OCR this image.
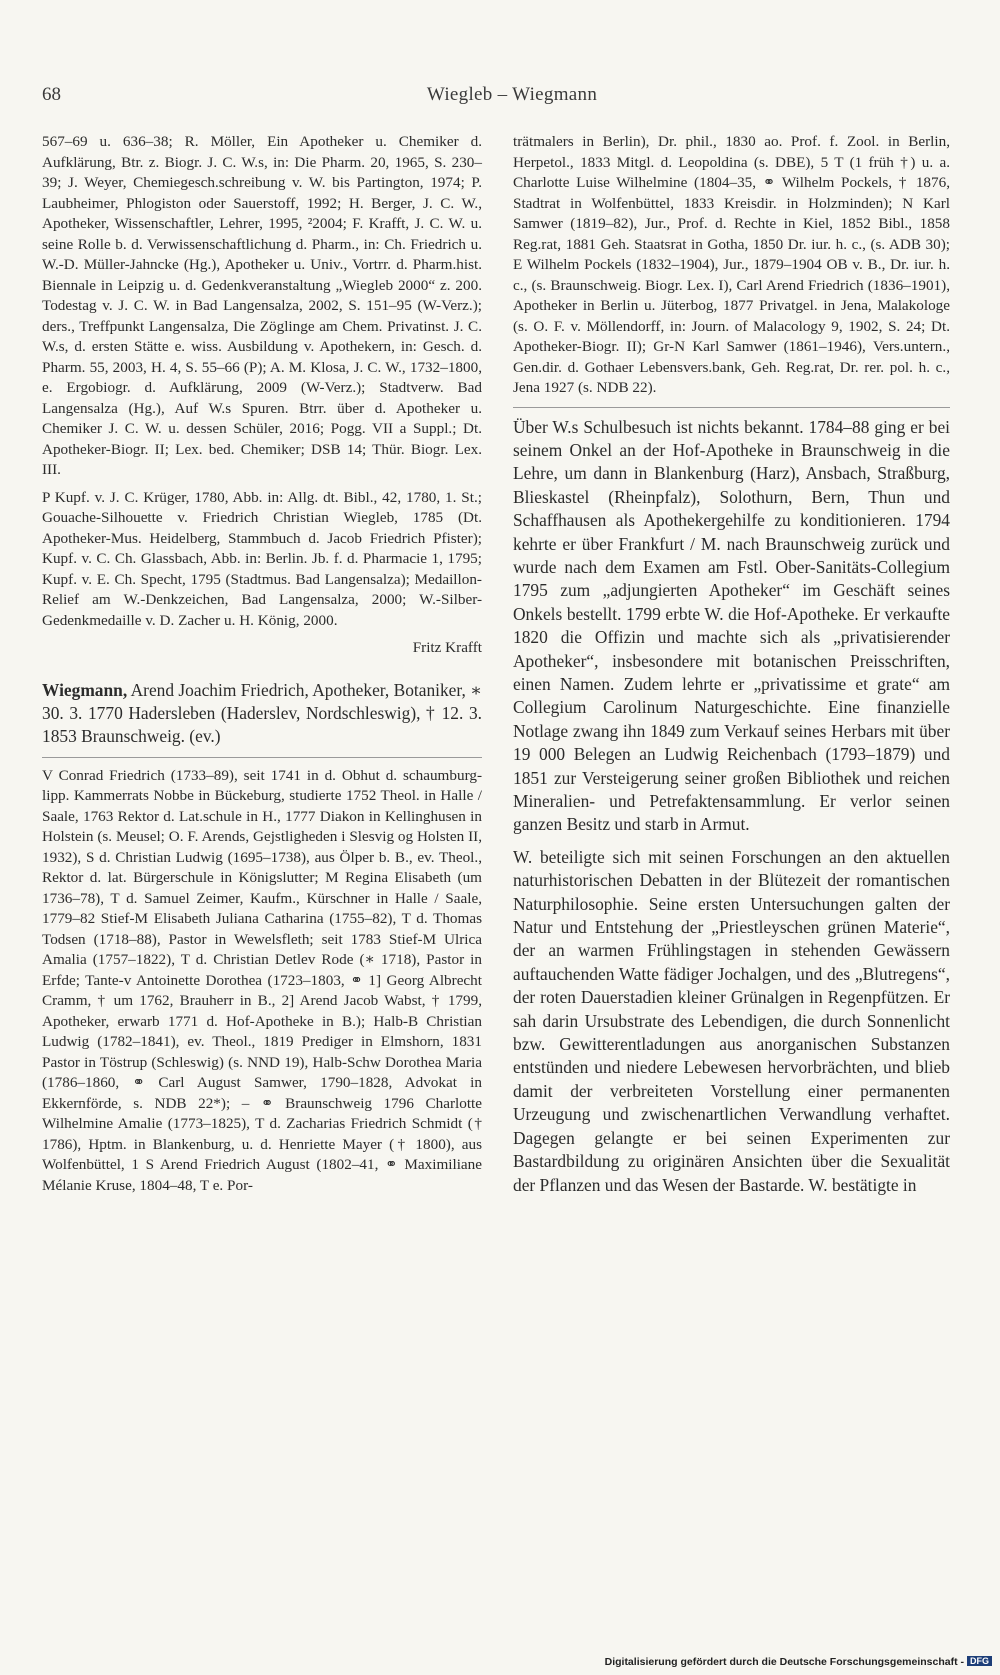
68	Wiegleb – Wiegmann

567–69 u. 636–38; R. Möller, Ein Apotheker u. Chemiker d. Aufklärung, Btr. z. Biogr. J. C. W.s, in: Die Pharm. 20, 1965, S. 230–39; J. Weyer, Chemiegesch.schreibung v. W. bis Partington, 1974; P. Laubheimer, Phlogiston oder Sauerstoff, 1992; H. Berger, J. C. W., Apotheker, Wissenschaftler, Lehrer, 1995, ²2004; F. Krafft, J. C. W. u. seine Rolle b. d. Verwissenschaftlichung d. Pharm., in: Ch. Friedrich u. W.-D. Müller-Jahncke (Hg.), Apotheker u. Univ., Vortrr. d. Pharm.hist. Biennale in Leipzig u. d. Gedenkveranstaltung „Wiegleb 2000“ z. 200. Todestag v. J. C. W. in Bad Langensalza, 2002, S. 151–95 (W-Verz.); ders., Treffpunkt Langensalza, Die Zöglinge am Chem. Privatinst. J. C. W.s, d. ersten Stätte e. wiss. Ausbildung v. Apothekern, in: Gesch. d. Pharm. 55, 2003, H. 4, S. 55–66 (P); A. M. Klosa, J. C. W., 1732–1800, e. Ergobiogr. d. Aufklärung, 2009 (W-Verz.); Stadtverw. Bad Langensalza (Hg.), Auf W.s Spuren. Btrr. über d. Apotheker u. Chemiker J. C. W. u. dessen Schüler, 2016; Pogg. VII a Suppl.; Dt. Apotheker-Biogr. II; Lex. bed. Chemiker; DSB 14; Thür. Biogr. Lex. III.

P Kupf. v. J. C. Krüger, 1780, Abb. in: Allg. dt. Bibl., 42, 1780, 1. St.; Gouache-Silhouette v. Friedrich Christian Wiegleb, 1785 (Dt. Apotheker-Mus. Heidelberg, Stammbuch d. Jacob Friedrich Pfister); Kupf. v. C. Ch. Glassbach, Abb. in: Berlin. Jb. f. d. Pharmacie 1, 1795; Kupf. v. E. Ch. Specht, 1795 (Stadtmus. Bad Langensalza); Medaillon-Relief am W.-Denkzeichen, Bad Langensalza, 2000; W.-Silber-Gedenkmedaille v. D. Zacher u. H. König, 2000.

Fritz Krafft

Wiegmann, Arend Joachim Friedrich, Apotheker, Botaniker, ∗ 30. 3. 1770 Hadersleben (Haderslev, Nordschleswig), † 12. 3. 1853 Braunschweig. (ev.)

V Conrad Friedrich (1733–89), seit 1741 in d. Obhut d. schaumburg-lipp. Kammerrats Nobbe in Bückeburg, studierte 1752 Theol. in Halle / Saale, 1763 Rektor d. Lat.schule in H., 1777 Diakon in Kellinghusen in Holstein (s. Meusel; O. F. Arends, Gejstligheden i Slesvig og Holsten II, 1932), S d. Christian Ludwig (1695–1738), aus Ölper b. B., ev. Theol., Rektor d. lat. Bürgerschule in Königslutter; M Regina Elisabeth (um 1736–78), T d. Samuel Zeimer, Kaufm., Kürschner in Halle / Saale, 1779–82 Stief-M Elisabeth Juliana Catharina (1755–82), T d. Thomas Todsen (1718–88), Pastor in Wewelsfleth; seit 1783 Stief-M Ulrica Amalia (1757–1822), T d. Christian Detlev Rode (∗ 1718), Pastor in Erfde; Tante-v Antoinette Dorothea (1723–1803, ⚭ 1] Georg Albrecht Cramm, † um 1762, Brauherr in B., 2] Arend Jacob Wabst, † 1799, Apotheker, erwarb 1771 d. Hof-Apotheke in B.); Halb-B Christian Ludwig (1782–1841), ev. Theol., 1819 Prediger in Elmshorn, 1831 Pastor in Töstrup (Schleswig) (s. NND 19), Halb-Schw Dorothea Maria (1786–1860, ⚭ Carl August Samwer, 1790–1828, Advokat in Ekkernförde, s. NDB 22*); – ⚭ Braunschweig 1796 Charlotte Wilhelmine Amalie (1773–1825), T d. Zacharias Friedrich Schmidt († 1786), Hptm. in Blankenburg, u. d. Henriette Mayer († 1800), aus Wolfenbüttel, 1 S Arend Friedrich August (1802–41, ⚭ Maximiliane Mélanie Kruse, 1804–48, T e. Por-

trätmalers in Berlin), Dr. phil., 1830 ao. Prof. f. Zool. in Berlin, Herpetol., 1833 Mitgl. d. Leopoldina (s. DBE), 5 T (1 früh †) u. a. Charlotte Luise Wilhelmine (1804–35, ⚭ Wilhelm Pockels, † 1876, Stadtrat in Wolfenbüttel, 1833 Kreisdir. in Holzminden); N Karl Samwer (1819–82), Jur., Prof. d. Rechte in Kiel, 1852 Bibl., 1858 Reg.rat, 1881 Geh. Staatsrat in Gotha, 1850 Dr. iur. h. c., (s. ADB 30); E Wilhelm Pockels (1832–1904), Jur., 1879–1904 OB v. B., Dr. iur. h. c., (s. Braunschweig. Biogr. Lex. I), Carl Arend Friedrich (1836–1901), Apotheker in Berlin u. Jüterbog, 1877 Privatgel. in Jena, Malakologe (s. O. F. v. Möllendorff, in: Journ. of Malacology 9, 1902, S. 24; Dt. Apotheker-Biogr. II); Gr-N Karl Samwer (1861–1946), Vers.untern., Gen.dir. d. Gothaer Lebensvers.bank, Geh. Reg.rat, Dr. rer. pol. h. c., Jena 1927 (s. NDB 22).

Über W.s Schulbesuch ist nichts bekannt. 1784–88 ging er bei seinem Onkel an der Hof-Apotheke in Braunschweig in die Lehre, um dann in Blankenburg (Harz), Ansbach, Straßburg, Blieskastel (Rheinpfalz), Solothurn, Bern, Thun und Schaffhausen als Apothekergehilfe zu konditionieren. 1794 kehrte er über Frankfurt / M. nach Braunschweig zurück und wurde nach dem Examen am Fstl. Ober-Sanitäts-Collegium 1795 zum „adjungierten Apotheker“ im Geschäft seines Onkels bestellt. 1799 erbte W. die Hof-Apotheke. Er verkaufte 1820 die Offizin und machte sich als „privatisierender Apotheker“, insbesondere mit botanischen Preisschriften, einen Namen. Zudem lehrte er „privatissime et grate“ am Collegium Carolinum Naturgeschichte. Eine finanzielle Notlage zwang ihn 1849 zum Verkauf seines Herbars mit über 19 000 Belegen an Ludwig Reichenbach (1793–1879) und 1851 zur Versteigerung seiner großen Bibliothek und reichen Mineralien- und Petrefaktensammlung. Er verlor seinen ganzen Besitz und starb in Armut.

W. beteiligte sich mit seinen Forschungen an den aktuellen naturhistorischen Debatten in der Blütezeit der romantischen Naturphilosophie. Seine ersten Untersuchungen galten der Natur und Entstehung der „Priestleyschen grünen Materie“, der an warmen Frühlingstagen in stehenden Gewässern auftauchenden Watte fädiger Jochalgen, und des „Blutregens“, der roten Dauerstadien kleiner Grünalgen in Regenpfützen. Er sah darin Ursubstrate des Lebendigen, die durch Sonnenlicht bzw. Gewitterentladungen aus anorganischen Substanzen entstünden und niedere Lebewesen hervorbrächten, und blieb damit der verbreiteten Vorstellung einer permanenten Urzeugung und zwischenartlichen Verwandlung verhaftet. Dagegen gelangte er bei seinen Experimenten zur Bastardbildung zu originären Ansichten über die Sexualität der Pflanzen und das Wesen der Bastarde. W. bestätigte in

Digitalisierung gefördert durch die Deutsche Forschungsgemeinschaft - DFG
